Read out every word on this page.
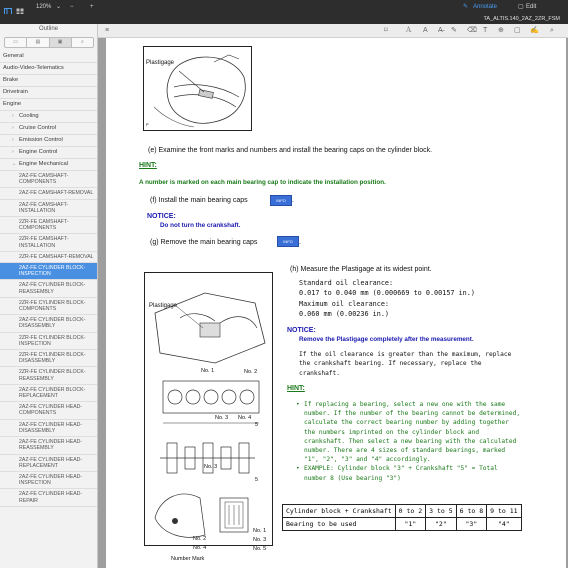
120% ⌄ −	+	✎ Annotate	▢ Edit
TA_ALTIS.140_2AZ_2ZR_FSM
Outline
▭	▤	▣	⌕
General
Audio-Video-Telematics
Brake
Drivetrain
Engine
› Cooling
› Cruise Control
› Emission Control
› Engine Control
⌄ Engine Mechanical
2AZ-FE CAMSHAFT-COMPONENTS
2AZ-FE CAMSHAFT-REMOVAL
2AZ-FE CAMSHAFT-INSTALLATION
2ZR-FE CAMSHAFT-COMPONENTS
2ZR-FE CAMSHAFT-INSTALLATION
2ZR-FE CAMSHAFT-REMOVAL
2AZ-FE CYLINDER BLOCK-INSPECTION
2AZ-FE CYLINDER BLOCK-REASSEMBLY
2ZR-FE CYLINDER BLOCK-COMPONENTS
2AZ-FE CYLINDER BLOCK-DISASSEMBLY
2ZR-FE CYLINDER BLOCK-INSPECTION
2ZR-FE CYLINDER BLOCK-DISASSEMBLY
2ZR-FE CYLINDER BLOCK-REASSEMBLY
2AZ-FE CYLINDER BLOCK-REPLACEMENT
2AZ-FE CYLINDER HEAD-COMPONENTS
2AZ-FE CYLINDER HEAD-DISASSEMBLY
2AZ-FE CYLINDER HEAD-REASSEMBLY
2AZ-FE CYLINDER HEAD-REPLACEMENT
2AZ-FE CYLINDER HEAD-INSPECTION
2AZ-FE CYLINDER HEAD-REPAIR
≡	⌑ Ａ A A̶ ✎ ⌫ T ⊕ ▢ ✍ ⌕
Plastigage
P
(e) Examine the front marks and numbers and install the bearing caps on the cylinder block.
HINT:
A number is marked on each main bearing cap to indicate the installation position.
(f) Install the main bearing caps	INFO .
NOTICE:
Do not turn the crankshaft.
(g) Remove the main bearing caps	INFO .
Plastigage
No. 1	No. 2
No. 3 No. 4
No. 3
5
5
No. 1
No. 3
No. 5
No. 2
No. 4
Number Mark
(h) Measure the Plastigage at its widest point.
Standard oil clearance:
0.017 to 0.040 mm (0.000669 to 0.00157 in.)
Maximum oil clearance:
0.060 mm (0.00236 in.)
NOTICE:
Remove the Plastigage completely after the measurement.
If the oil clearance is greater than the maximum, replace
the crankshaft bearing. If necessary, replace the
crankshaft.
HINT:
• If replacing a bearing, select a new one with the same
number. If the number of the bearing cannot be determined,
calculate the correct bearing number by adding together
the numbers imprinted on the cylinder block and
crankshaft. Then select a new bearing with the calculated
number. There are 4 sizes of standard bearings, marked
"1", "2", "3" and "4" accordingly.
• EXAMPLE: Cylinder block "3" + Crankshaft "5" = Total
number 8 (Use bearing "3")
Cylinder block + Crankshaft	0 to 2	3 to 5	6 to 8	9 to 11
Bearing to be used	"1"	"2"	"3"	"4"
